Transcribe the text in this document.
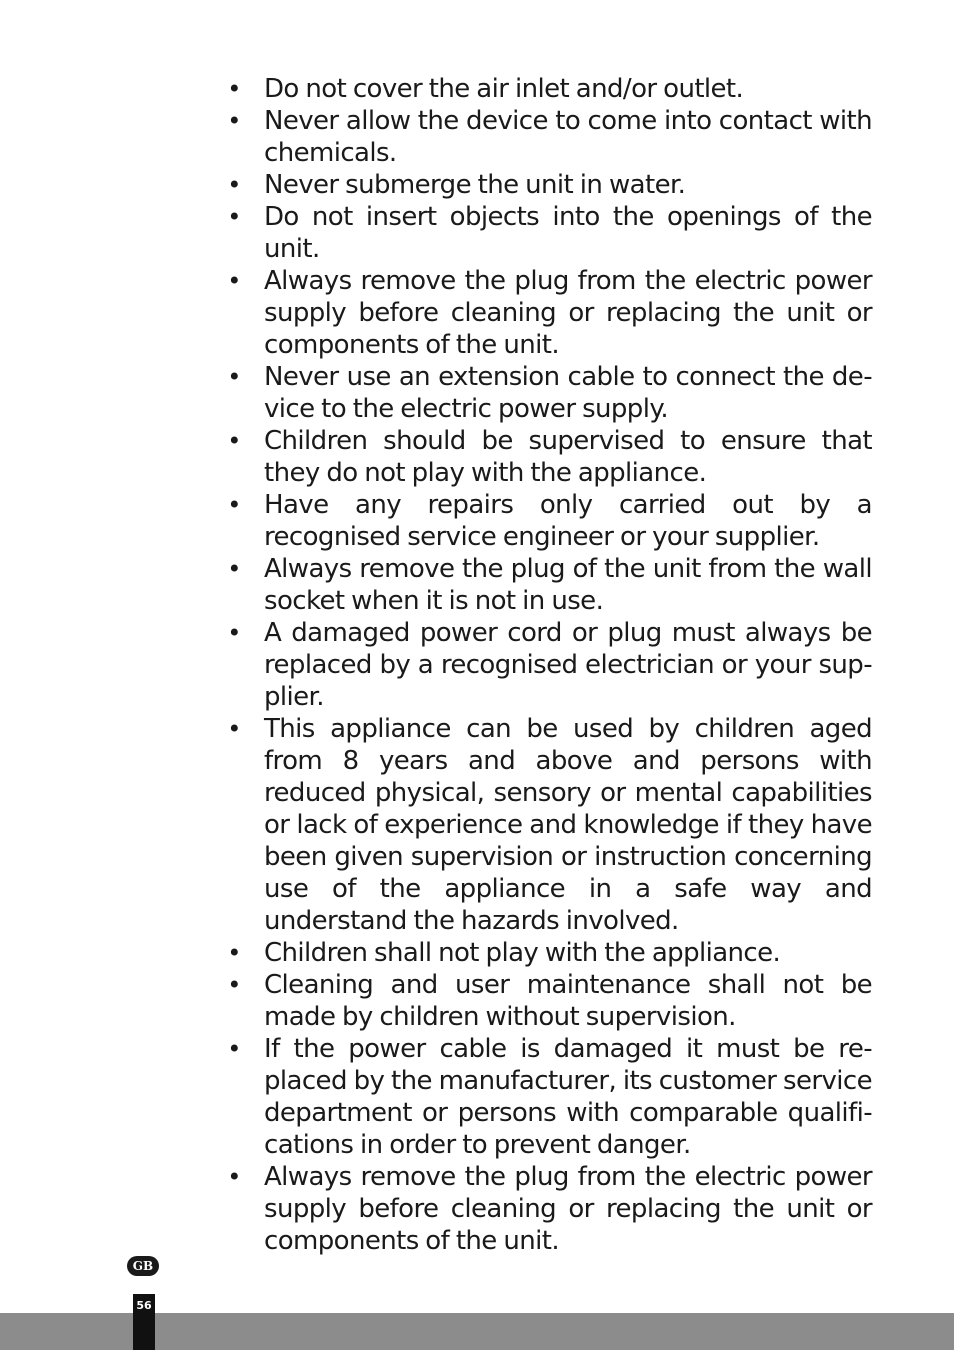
• Do not cover the air inlet and/or outlet.
• Never allow the device to come into contact with chemicals.
• Never submerge the unit in water.
• Do not insert objects into the openings of the unit.
• Always remove the plug from the electric power supply before cleaning or replacing the unit or components of the unit.
• Never use an extension cable to connect the de-vice to the electric power supply.
• Children should be supervised to ensure that they do not play with the appliance.
• Have any repairs only carried out by a recognised service engineer or your supplier.
• Always remove the plug of the unit from the wall socket when it is not in use.
• A damaged power cord or plug must always be replaced by a recognised electrician or your sup-plier.
• This appliance can be used by children aged from 8 years and above and persons with reduced physical, sensory or mental capabilities or lack of experience and knowledge if they have been given supervision or instruction concerning use of the appliance in a safe way and understand the hazards involved.
• Children shall not play with the appliance.
• Cleaning and user maintenance shall not be made by children without supervision.
• If the power cable is damaged it must be re-placed by the manufacturer, its customer service department or persons with comparable qualifi-cations in order to prevent danger.
• Always remove the plug from the electric power supply before cleaning or replacing the unit or components of the unit.
GB
56
